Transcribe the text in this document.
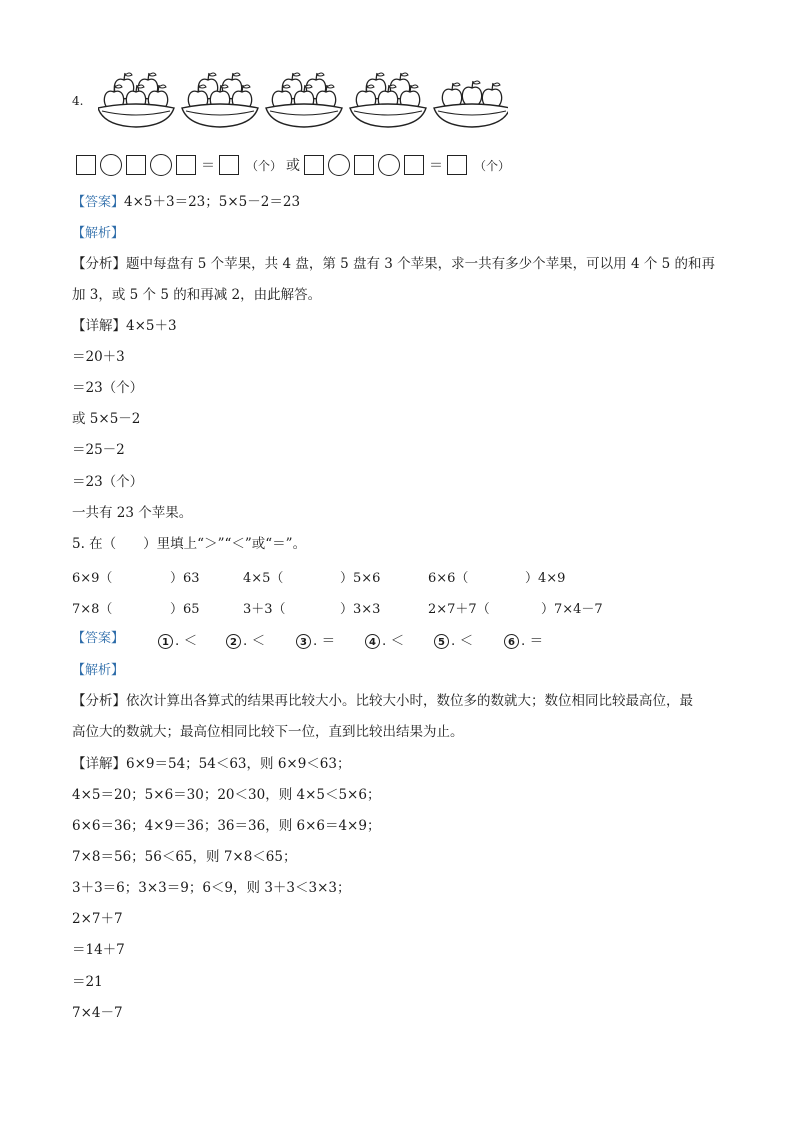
4.
＝	（个） 或	＝	（个）
【答案】4×5＋3＝23；5×5－2＝23
【解析】
【分析】题中每盘有 5 个苹果，共 4 盘，第 5 盘有 3 个苹果，求一共有多少个苹果，可以用 4 个 5 的和再
加 3，或 5 个 5 的和再减 2，由此解答。
【详解】4×5＋3
＝20＋3
＝23（个）
或 5×5－2
＝25－2
＝23（个）
一共有 23 个苹果。
5. 在（　　）里填上“＞”“＜”或“＝”。
6×9（	）63	4×5（	）5×6	6×6（	）4×9
7×8（	）65	3＋3（	）3×3	2×7＋7（	）7×4－7
【答案】	1 . ＜	2 . ＜	3 . ＝	4 . ＜	5 . ＜	6 . ＝
【解析】
【分析】依次计算出各算式的结果再比较大小。比较大小时，数位多的数就大；数位相同比较最高位，最
高位大的数就大；最高位相同比较下一位，直到比较出结果为止。
【详解】6×9＝54；54＜63，则 6×9＜63；
4×5＝20；5×6＝30；20＜30，则 4×5＜5×6；
6×6＝36；4×9＝36；36＝36，则 6×6＝4×9；
7×8＝56；56＜65，则 7×8＜65；
3＋3＝6；3×3＝9；6＜9，则 3＋3＜3×3；
2×7＋7
＝14＋7
＝21
7×4－7
